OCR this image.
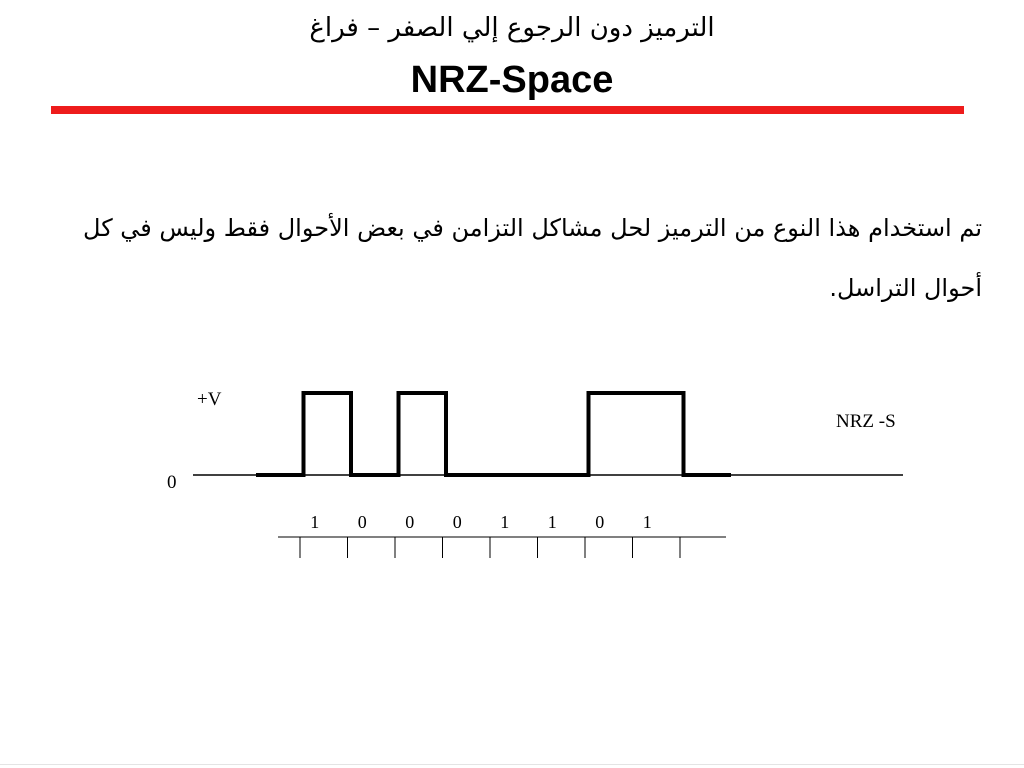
الترميز دون الرجوع إلي الصفر – فراغ
NRZ-Space

تم استخدام هذا النوع من الترميز لحل مشاكل التزامن في بعض الأحوال فقط وليس في كل

أحوال التراسل.

+V
0
NRZ -S
1 0 0 0 1 1 0 1
